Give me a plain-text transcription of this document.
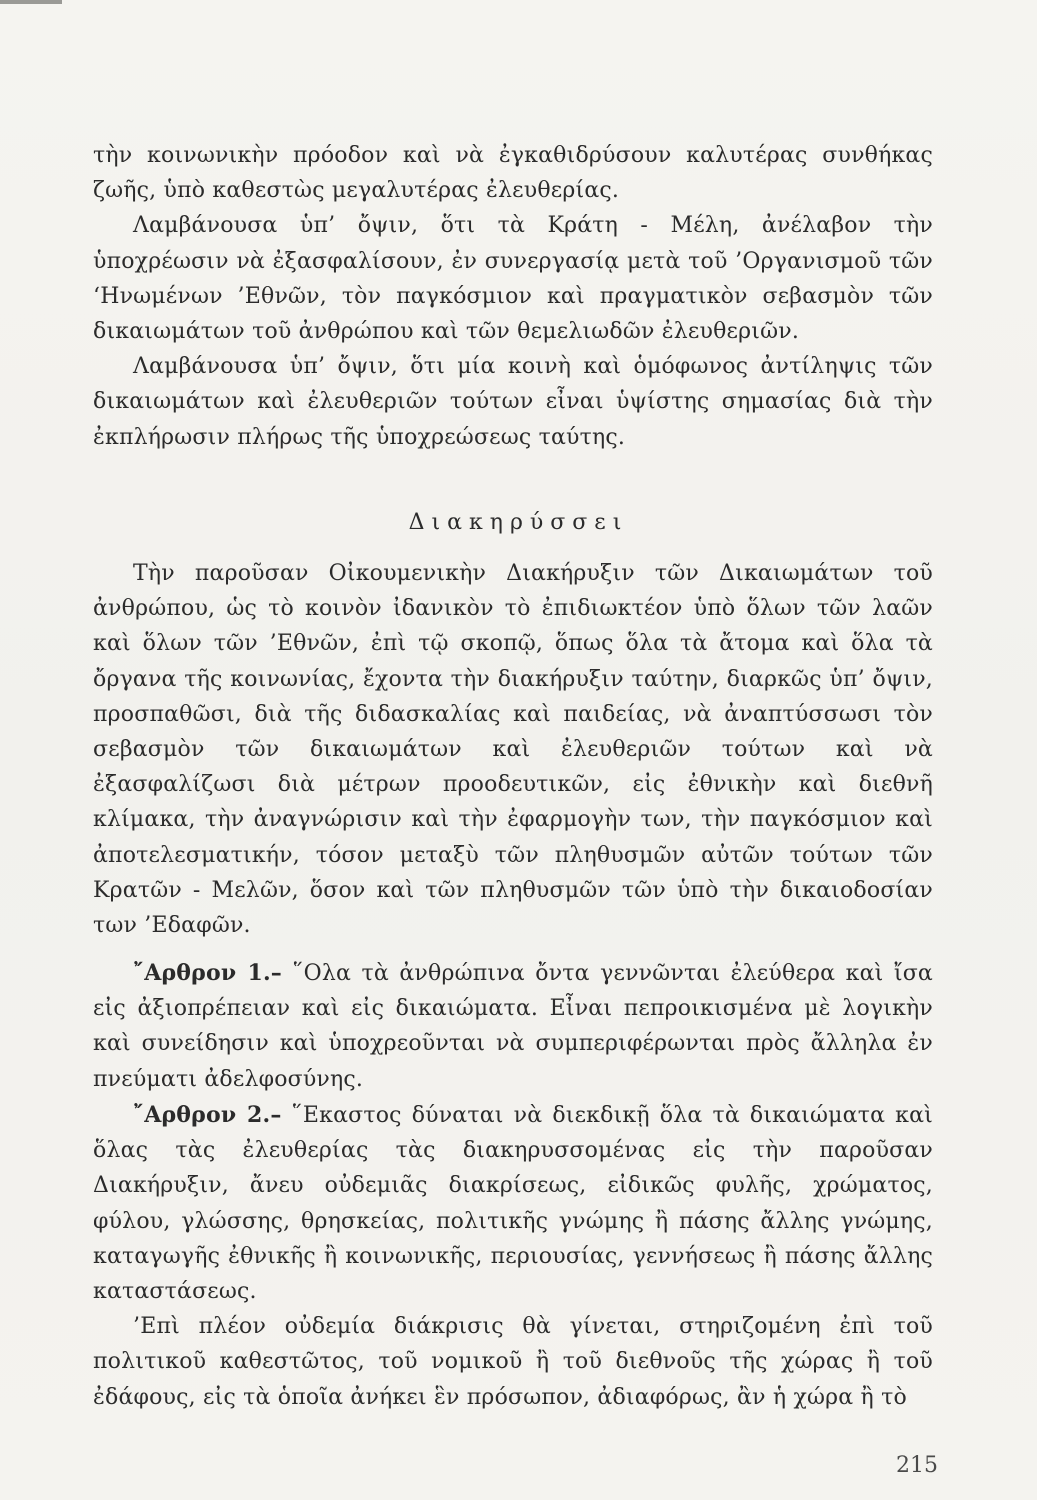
τὴν κοινωνικὴν πρόοδον καὶ νὰ ἐγκαθιδρύσουν καλυτέρας συνθήκας ζωῆς, ὑπὸ καθεστὼς μεγαλυτέρας ἐλευθερίας.

Λαμβάνουσα ὑπ’ ὄψιν, ὅτι τὰ Κράτη - Μέλη, ἀνέλαβον τὴν ὑποχρέωσιν νὰ ἐξασφαλίσουν, ἐν συνεργασίᾳ μετὰ τοῦ ’Οργανισμοῦ τῶν ‘Ηνωμένων ’Εθνῶν, τὸν παγκόσμιον καὶ πραγματικὸν σεβασμὸν τῶν δικαιωμάτων τοῦ ἀνθρώπου καὶ τῶν θεμελιωδῶν ἐλευθεριῶν.

Λαμβάνουσα ὑπ’ ὄψιν, ὅτι μία κοινὴ καὶ ὁμόφωνος ἀντίληψις τῶν δικαιωμάτων καὶ ἐλευθεριῶν τούτων εἶναι ὑψίστης σημασίας διὰ τὴν ἐκπλήρωσιν πλήρως τῆς ὑποχρεώσεως ταύτης.

Διακηρύσσει

Τὴν παροῦσαν Οἰκουμενικὴν Διακήρυξιν τῶν Δικαιωμάτων τοῦ ἀνθρώπου, ὡς τὸ κοινὸν ἰδανικὸν τὸ ἐπιδιωκτέον ὑπὸ ὅλων τῶν λαῶν καὶ ὅλων τῶν ’Εθνῶν, ἐπὶ τῷ σκοπῷ, ὅπως ὅλα τὰ ἄτομα καὶ ὅλα τὰ ὄργανα τῆς κοινωνίας, ἔχοντα τὴν διακήρυξιν ταύτην, διαρκῶς ὑπ’ ὄψιν, προσπαθῶσι, διὰ τῆς διδασκαλίας καὶ παιδείας, νὰ ἀναπτύσσωσι τὸν σεβασμὸν τῶν δικαιωμάτων καὶ ἐλευθεριῶν τούτων καὶ νὰ ἐξασφαλίζωσι διὰ μέτρων προοδευτικῶν, εἰς ἐθνικὴν καὶ διεθνῆ κλίμακα, τὴν ἀναγνώρισιν καὶ τὴν ἐφαρμογὴν των, τὴν παγκόσμιον καὶ ἀποτελεσματικήν, τόσον μεταξὺ τῶν πληθυσμῶν αὐτῶν τούτων τῶν Κρατῶν - Μελῶν, ὅσον καὶ τῶν πληθυσμῶν τῶν ὑπὸ τὴν δικαιοδοσίαν των ’Εδαφῶν.

῎Αρθρον 1.– ῞Ολα τὰ ἀνθρώπινα ὄντα γεννῶνται ἐλεύθερα καὶ ἴσα εἰς ἀξιοπρέπειαν καὶ εἰς δικαιώματα. Εἶναι πεπροικισμένα μὲ λογικὴν καὶ συνείδησιν καὶ ὑποχρεοῦνται νὰ συμπεριφέρωνται πρὸς ἄλληλα ἐν πνεύματι ἀδελφοσύνης.

῎Αρθρον 2.– ῞Εκαστος δύναται νὰ διεκδικῇ ὅλα τὰ δικαιώματα καὶ ὅλας τὰς ἐλευθερίας τὰς διακηρυσσομένας εἰς τὴν παροῦσαν Διακήρυξιν, ἄνευ οὐδεμιᾶς διακρίσεως, εἰδικῶς φυλῆς, χρώματος, φύλου, γλώσσης, θρησκείας, πολιτικῆς γνώμης ἢ πάσης ἄλλης γνώμης, καταγωγῆς ἐθνικῆς ἢ κοινωνικῆς, περιουσίας, γεννήσεως ἢ πάσης ἄλλης καταστάσεως.

’Επὶ πλέον οὐδεμία διάκρισις θὰ γίνεται, στηριζομένη ἐπὶ τοῦ πολιτικοῦ καθεστῶτος, τοῦ νομικοῦ ἢ τοῦ διεθνοῦς τῆς χώρας ἢ τοῦ ἐδάφους, εἰς τὰ ὁποῖα ἀνήκει ἓν πρόσωπον, ἀδιαφόρως, ἂν ἡ χώρα ἢ τὸ

215
